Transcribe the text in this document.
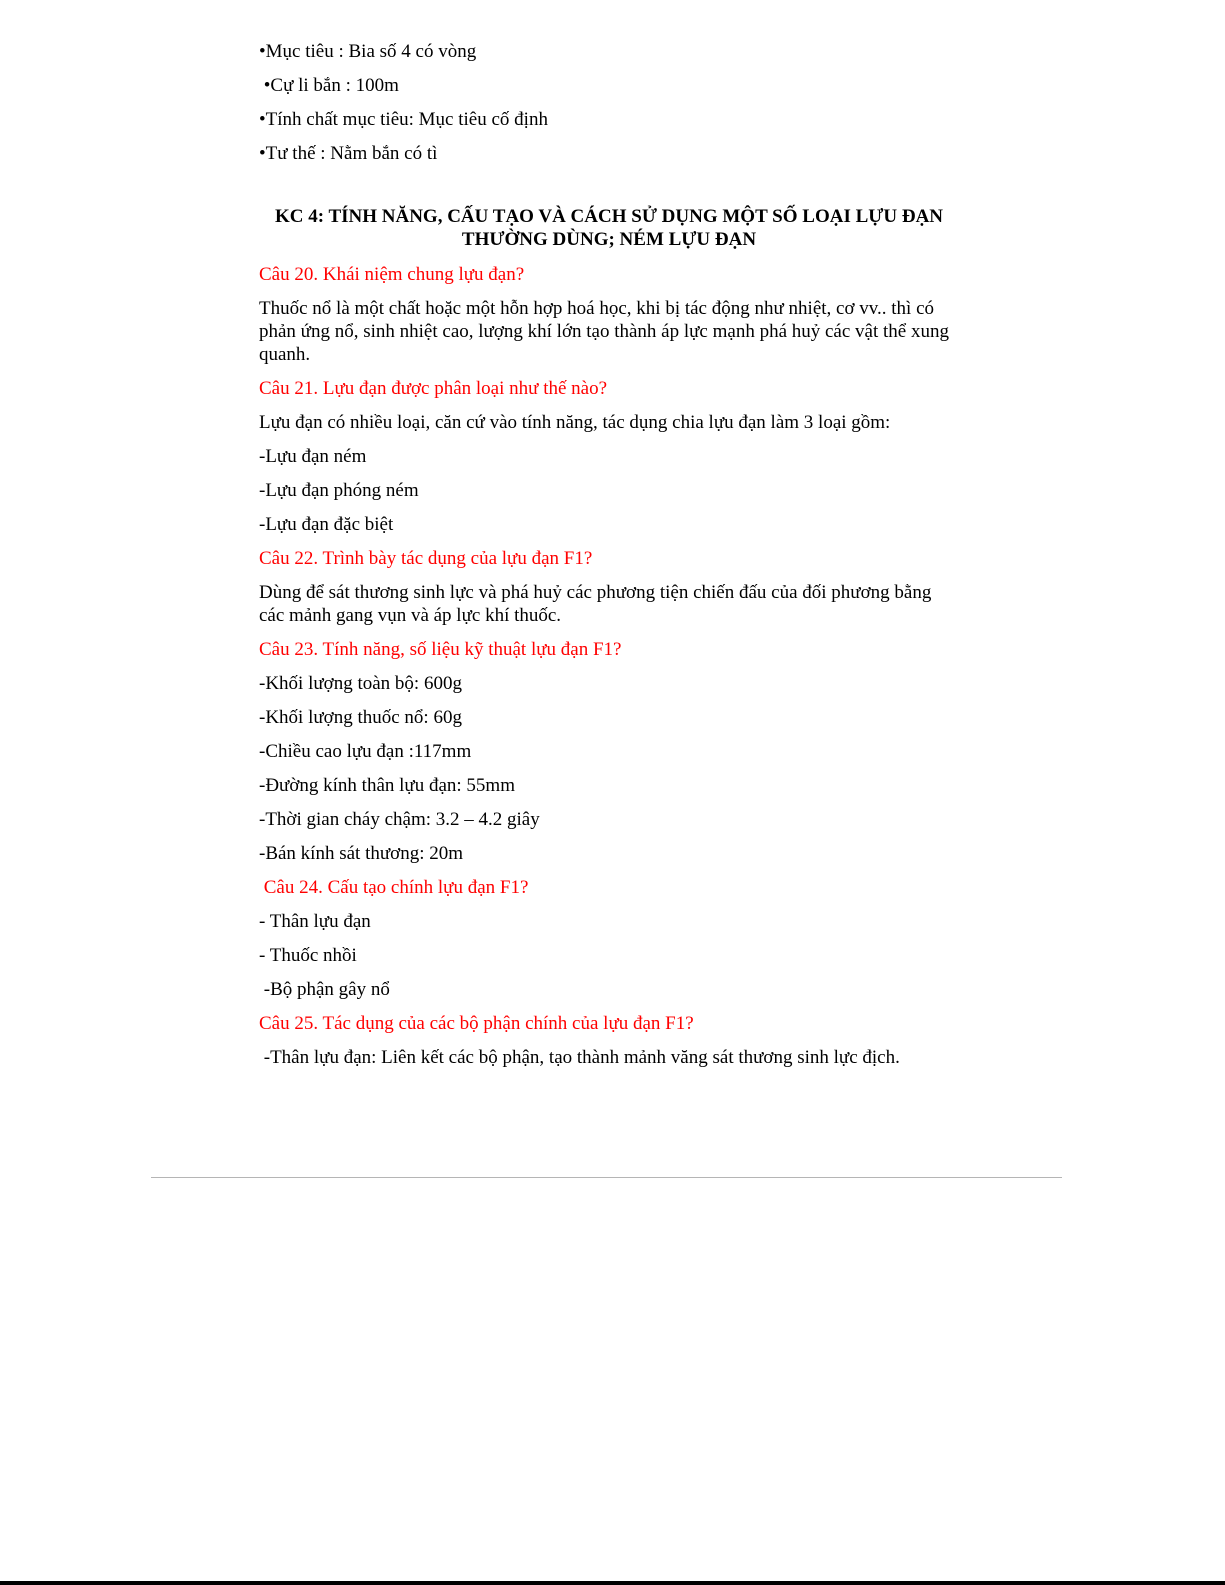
•Mục tiêu : Bia số 4 có vòng
•Cự li bắn : 100m
•Tính chất mục tiêu: Mục tiêu cố định
•Tư thế : Nằm bắn có tì
KC 4: TÍNH NĂNG, CẤU TẠO VÀ CÁCH SỬ DỤNG MỘT SỐ LOẠI LỰU ĐẠN
THƯỜNG DÙNG; NÉM LỰU ĐẠN
Câu 20. Khái niệm chung lựu đạn?
Thuốc nổ là một chất hoặc một hỗn hợp hoá học, khi bị tác động như nhiệt, cơ vv.. thì có phản ứng nổ, sinh nhiệt cao, lượng khí lớn tạo thành áp lực mạnh phá huỷ các vật thể xung quanh.
Câu 21. Lựu đạn được phân loại như thế nào?
Lựu đạn có nhiều loại, căn cứ vào tính năng, tác dụng chia lựu đạn làm 3 loại gồm:
-Lựu đạn ném
-Lựu đạn phóng ném
-Lựu đạn đặc biệt
Câu 22. Trình bày tác dụng của lựu đạn F1?
Dùng để sát thương sinh lực và phá huỷ các phương tiện chiến đấu của đối phương bằng các mảnh gang vụn và áp lực khí thuốc.
Câu 23. Tính năng, số liệu kỹ thuật lựu đạn F1?
-Khối lượng toàn bộ: 600g
-Khối lượng thuốc nổ: 60g
-Chiều cao lựu đạn :117mm
-Đường kính thân lựu đạn: 55mm
-Thời gian cháy chậm: 3.2 – 4.2 giây
-Bán kính sát thương: 20m
Câu 24. Cấu tạo chính lựu đạn F1?
- Thân lựu đạn
- Thuốc nhồi
-Bộ phận gây nổ
Câu 25. Tác dụng của các bộ phận chính của lựu đạn F1?
-Thân lựu đạn: Liên kết các bộ phận, tạo thành mảnh văng sát thương sinh lực địch.
